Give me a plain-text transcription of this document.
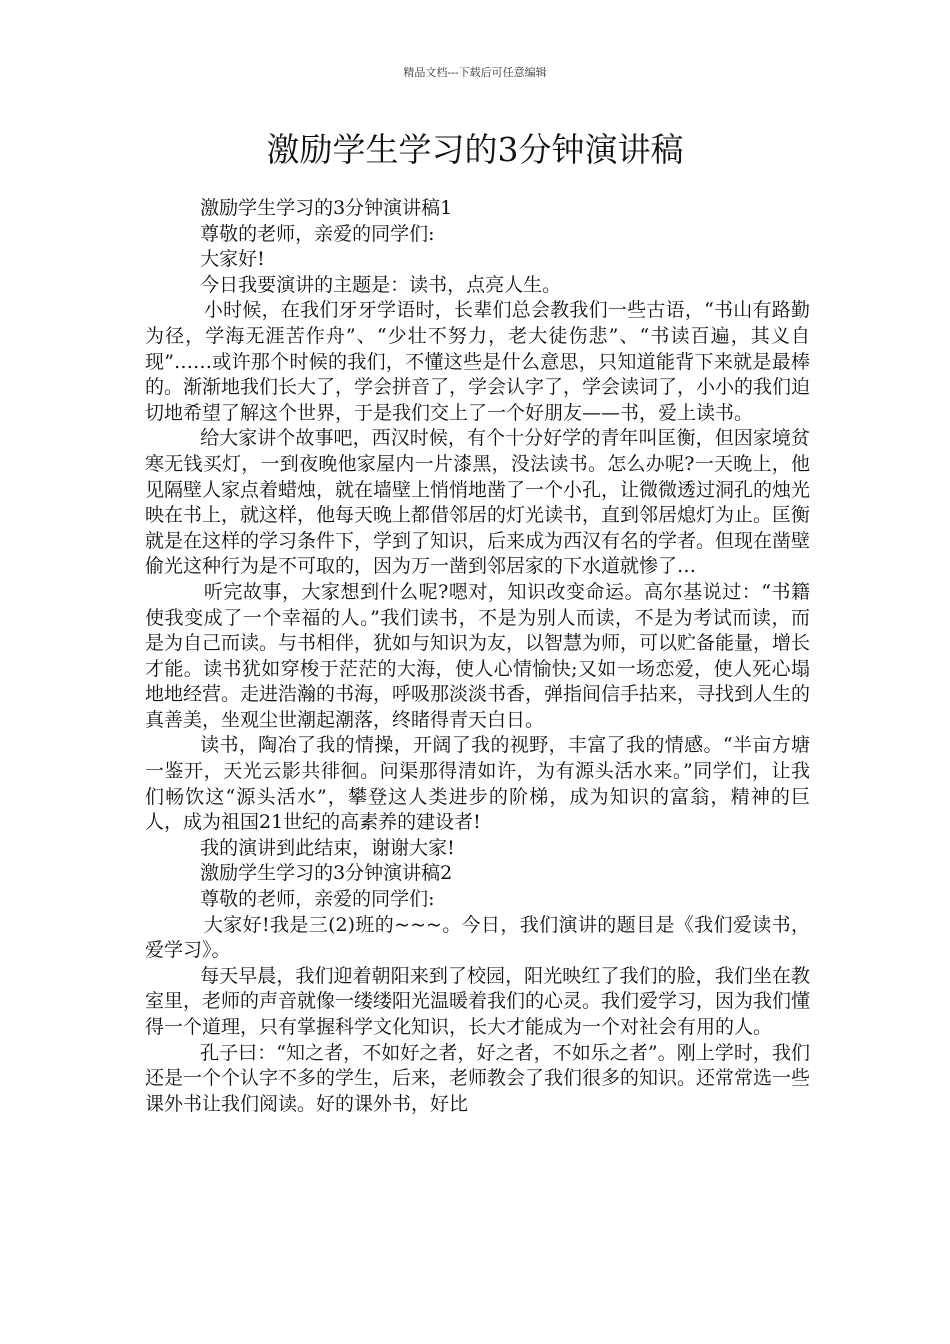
精品文档---下载后可任意编辑
激励学生学习的3分钟演讲稿

激励学生学习的3分钟演讲稿1

尊敬的老师，亲爱的同学们:

大家好!

今日我要演讲的主题是：读书，点亮人生。

小时候，在我们牙牙学语时，长辈们总会教我们一些古语，“书山有路勤为径，学海无涯苦作舟”、“少壮不努力，老大徒伤悲”、“书读百遍，其义自现”……或许那个时候的我们，不懂这些是什么意思，只知道能背下来就是最棒的。渐渐地我们长大了，学会拼音了，学会认字了，学会读词了，小小的我们迫切地希望了解这个世界，于是我们交上了一个好朋友——书，爱上读书。

给大家讲个故事吧，西汉时候，有个十分好学的青年叫匡衡，但因家境贫寒无钱买灯，一到夜晚他家屋内一片漆黑，没法读书。怎么办呢?一天晚上，他见隔壁人家点着蜡烛，就在墙壁上悄悄地凿了一个小孔，让微微透过洞孔的烛光映在书上，就这样，他每天晚上都借邻居的灯光读书，直到邻居熄灯为止。匡衡就是在这样的学习条件下，学到了知识，后来成为西汉有名的学者。但现在凿壁偷光这种行为是不可取的，因为万一凿到邻居家的下水道就惨了…

听完故事，大家想到什么呢?嗯对，知识改变命运。高尔基说过：“书籍使我变成了一个幸福的人。”我们读书，不是为别人而读，不是为考试而读，而是为自己而读。与书相伴，犹如与知识为友，以智慧为师，可以贮备能量，增长才能。读书犹如穿梭于茫茫的大海，使人心情愉快;又如一场恋爱，使人死心塌地地经营。走进浩瀚的书海，呼吸那淡淡书香，弹指间信手拈来，寻找到人生的真善美，坐观尘世潮起潮落，终睹得青天白日。

读书，陶冶了我的情操，开阔了我的视野，丰富了我的情感。“半亩方塘一鉴开，天光云影共徘徊。问渠那得清如许，为有源头活水来。”同学们，让我们畅饮这“源头活水”，攀登这人类进步的阶梯，成为知识的富翁，精神的巨人，成为祖国21世纪的高素养的建设者!

我的演讲到此结束，谢谢大家!

激励学生学习的3分钟演讲稿2

尊敬的老师，亲爱的同学们:

大家好!我是三(2)班的~~~。今日，我们演讲的题目是《我们爱读书，爱学习》。

每天早晨，我们迎着朝阳来到了校园，阳光映红了我们的脸，我们坐在教室里，老师的声音就像一缕缕阳光温暖着我们的心灵。我们爱学习，因为我们懂得一个道理，只有掌握科学文化知识，长大才能成为一个对社会有用的人。

孔子曰：“知之者，不如好之者，好之者，不如乐之者”。刚上学时，我们还是一个个认字不多的学生，后来，老师教会了我们很多的知识。还常常选一些课外书让我们阅读。好的课外书，好比
